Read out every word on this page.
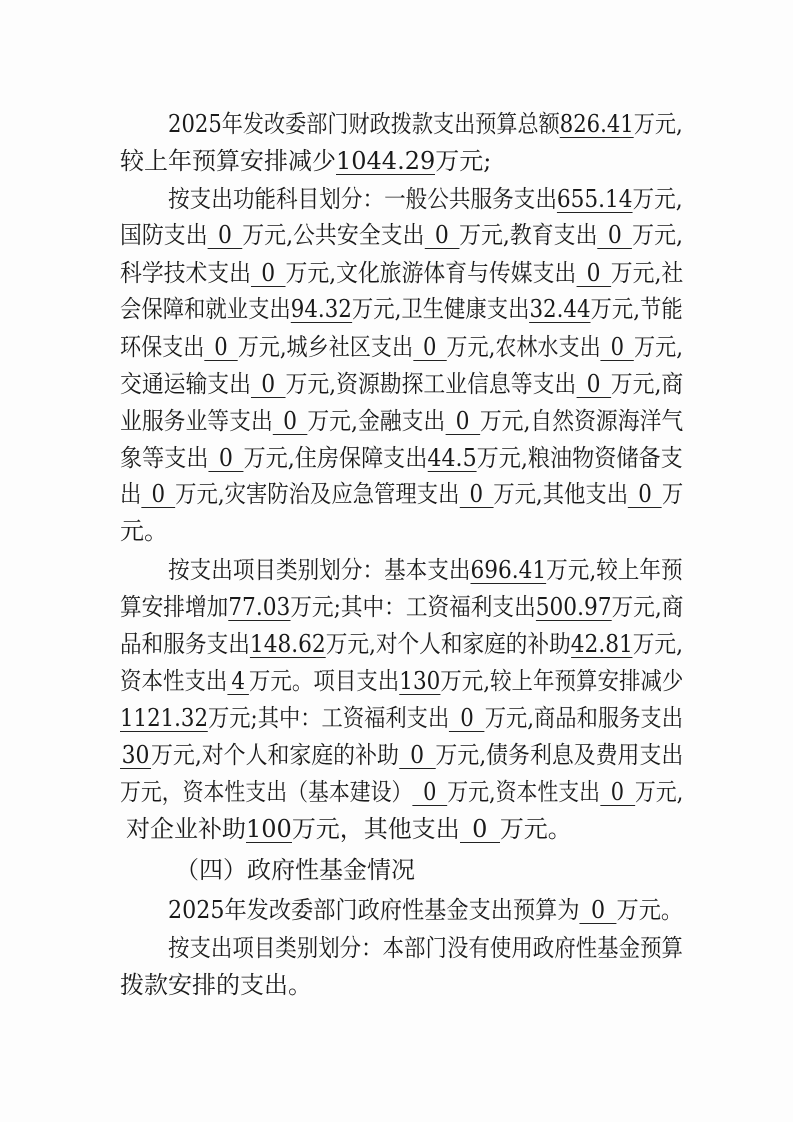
2025年发改委部门财政拨款支出预算总额826.41万元,
较上年预算安排减少1044.29万元;
按支出功能科目划分：一般公共服务支出655.14万元,
国防支出 0 万元,公共安全支出 0 万元,教育支出 0 万元,
科学技术支出 0 万元,文化旅游体育与传媒支出 0 万元,社
会保障和就业支出94.32万元,卫生健康支出32.44万元,节能
环保支出 0 万元,城乡社区支出 0 万元,农林水支出 0 万元,
交通运输支出 0 万元,资源勘探工业信息等支出 0 万元,商
业服务业等支出 0 万元,金融支出 0 万元,自然资源海洋气
象等支出 0 万元,住房保障支出44.5万元,粮油物资储备支
出 0 万元,灾害防治及应急管理支出 0 万元,其他支出 0 万
元。
按支出项目类别划分：基本支出696.41万元,较上年预
算安排增加77.03万元;其中：工资福利支出500.97万元,商
品和服务支出148.62万元,对个人和家庭的补助42.81万元,
资本性支出 4 万元。项目支出130万元,较上年预算安排减少
1121.32万元;其中：工资福利支出 0 万元,商品和服务支出
30万元,对个人和家庭的补助 0 万元,债务利息及费用支出
万元，资本性支出（基本建设） 0 万元,资本性支出 0 万元,
对企业补助100万元，其他支出 0 万元。
（四）政府性基金情况
2025年发改委部门政府性基金支出预算为 0 万元。
按支出项目类别划分：本部门没有使用政府性基金预算
拨款安排的支出。
